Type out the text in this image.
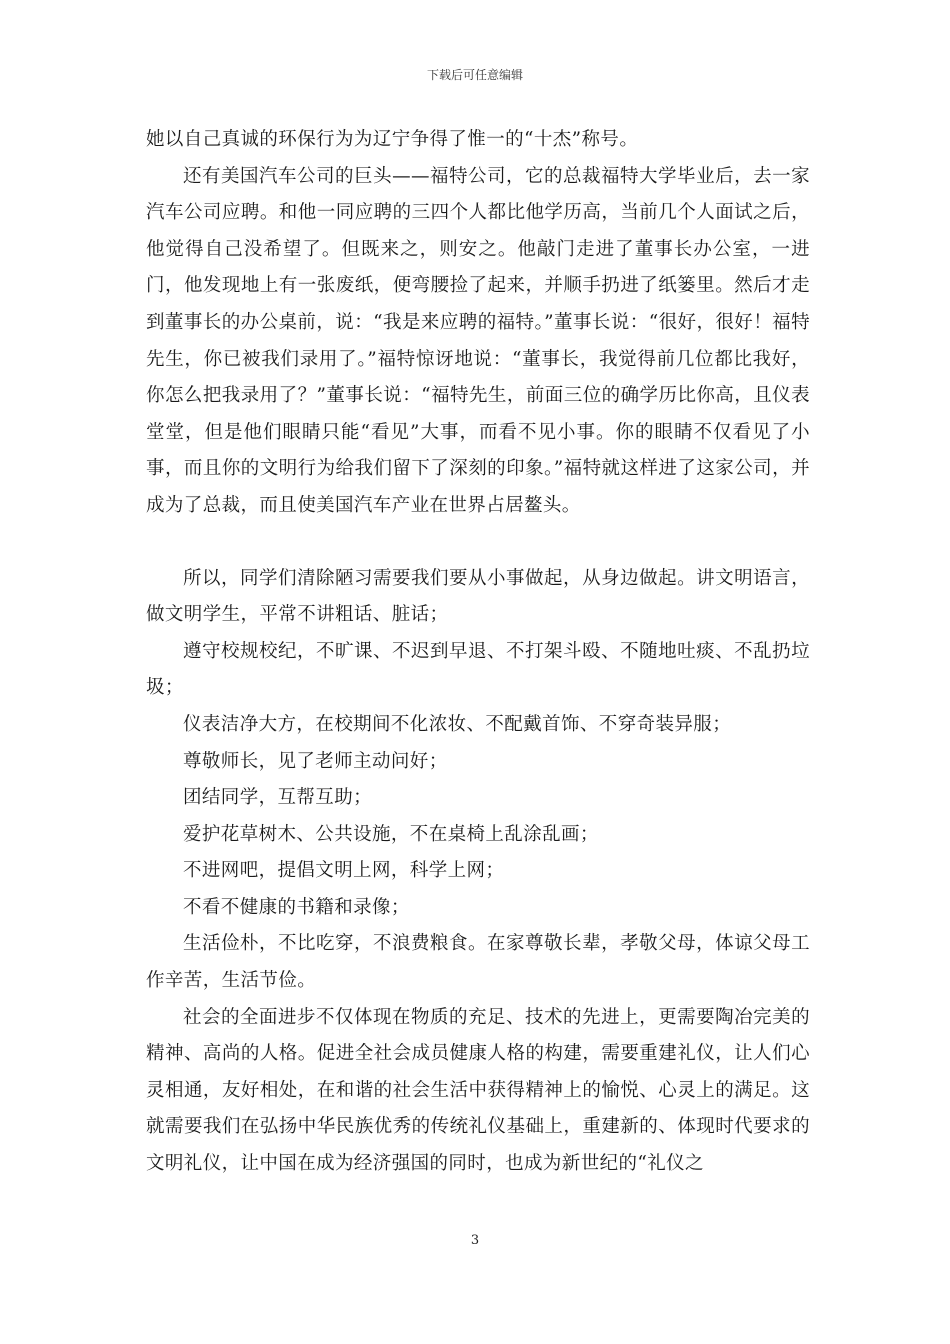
下载后可任意编辑

她以自己真诚的环保行为为辽宁争得了惟一的“十杰”称号。

还有美国汽车公司的巨头——福特公司，它的总裁福特大学毕业后，去一家汽车公司应聘。和他一同应聘的三四个人都比他学历高，当前几个人面试之后，他觉得自己没希望了。但既来之，则安之。他敲门走进了董事长办公室，一进门，他发现地上有一张废纸，便弯腰捡了起来，并顺手扔进了纸篓里。然后才走到董事长的办公桌前，说：“我是来应聘的福特。”董事长说：“很好，很好！福特先生，你已被我们录用了。”福特惊讶地说：“董事长，我觉得前几位都比我好，你怎么把我录用了？”董事长说：“福特先生，前面三位的确学历比你高，且仪表堂堂，但是他们眼睛只能“看见”大事，而看不见小事。你的眼睛不仅看见了小事，而且你的文明行为给我们留下了深刻的印象。”福特就这样进了这家公司，并成为了总裁，而且使美国汽车产业在世界占居鳌头。

所以，同学们清除陋习需要我们要从小事做起，从身边做起。讲文明语言，做文明学生，平常不讲粗话、脏话；

遵守校规校纪，不旷课、不迟到早退、不打架斗殴、不随地吐痰、不乱扔垃圾；

仪表洁净大方，在校期间不化浓妆、不配戴首饰、不穿奇装异服；

尊敬师长，见了老师主动问好；

团结同学，互帮互助；

爱护花草树木、公共设施，不在桌椅上乱涂乱画；

不进网吧，提倡文明上网，科学上网；

不看不健康的书籍和录像；

生活俭朴，不比吃穿，不浪费粮食。在家尊敬长辈，孝敬父母，体谅父母工作辛苦，生活节俭。

社会的全面进步不仅体现在物质的充足、技术的先进上，更需要陶冶完美的精神、高尚的人格。促进全社会成员健康人格的构建，需要重建礼仪，让人们心灵相通，友好相处，在和谐的社会生活中获得精神上的愉悦、心灵上的满足。这就需要我们在弘扬中华民族优秀的传统礼仪基础上，重建新的、体现时代要求的文明礼仪，让中国在成为经济强国的同时，也成为新世纪的“礼仪之

3
